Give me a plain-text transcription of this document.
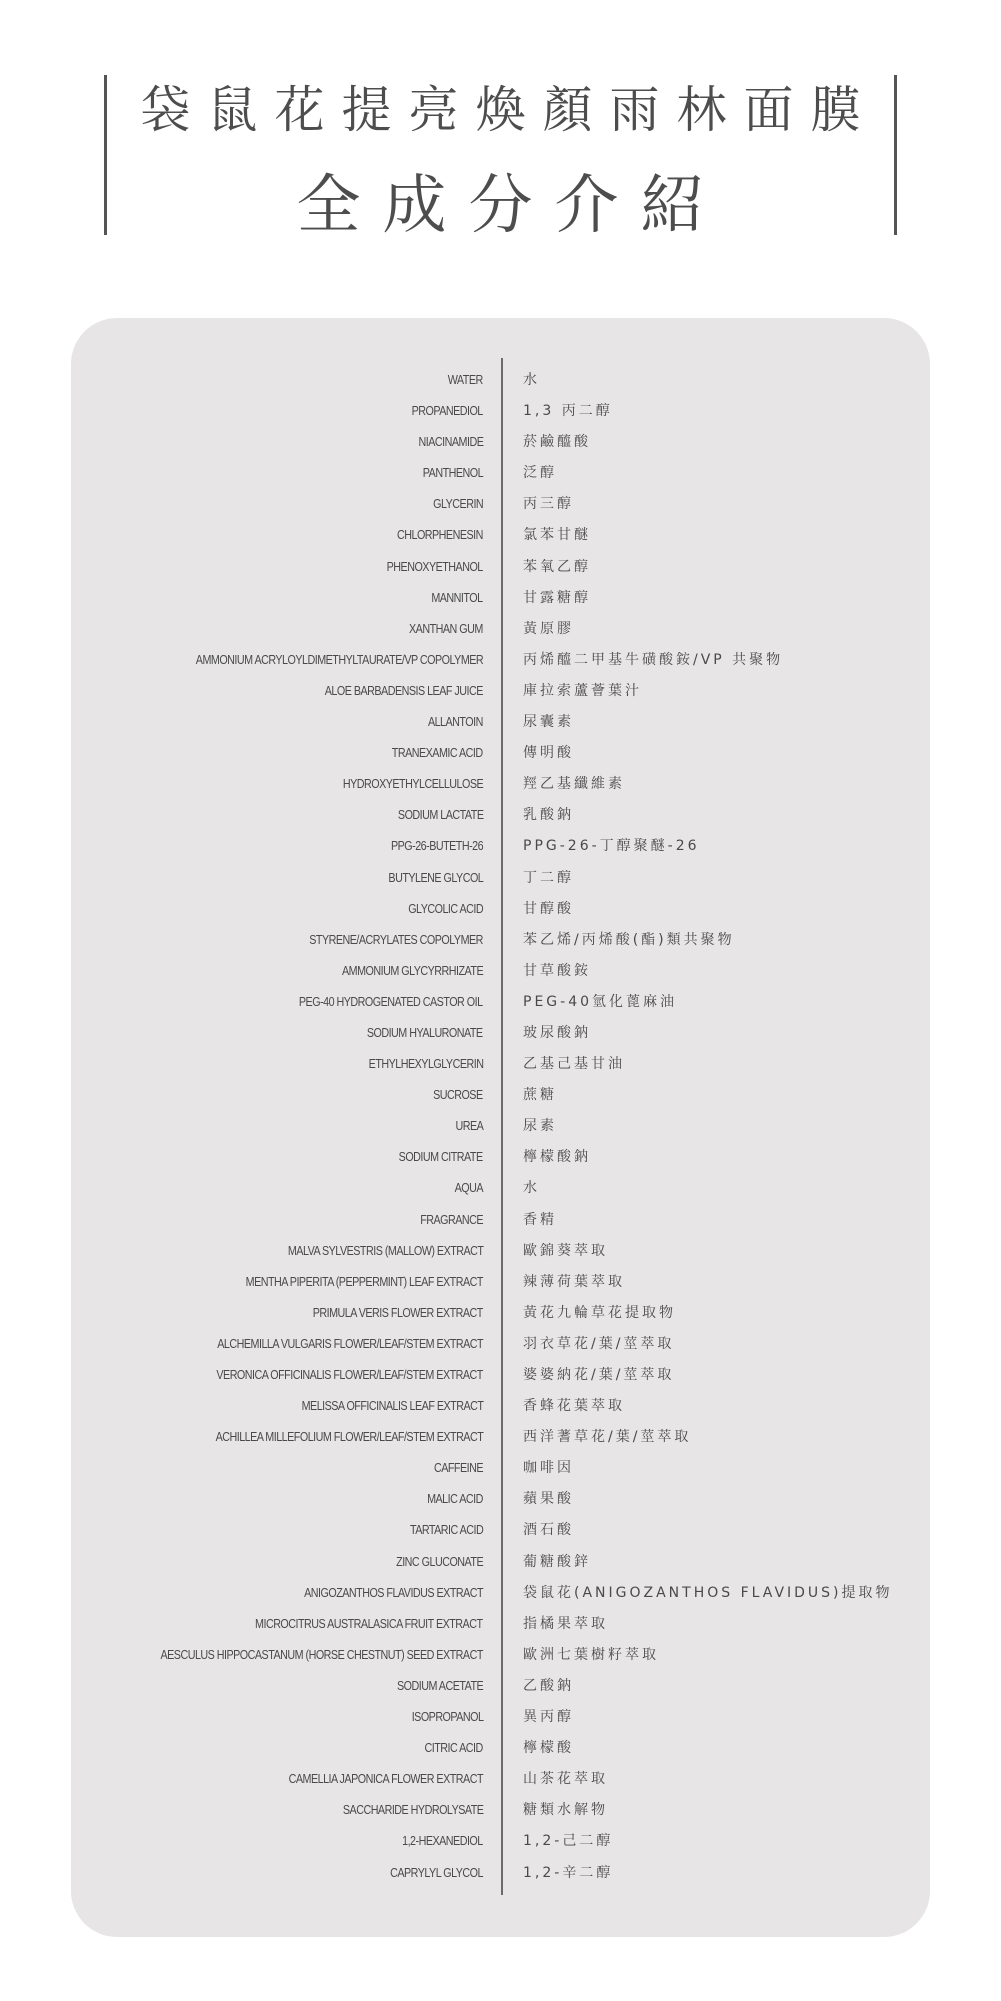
袋鼠花提亮煥顏雨林面膜
全成分介紹
WATER	水
PROPANEDIOL	1,3 丙二醇
NIACINAMIDE	菸鹼醯酸
PANTHENOL	泛醇
GLYCERIN	丙三醇
CHLORPHENESIN	氯苯甘醚
PHENOXYETHANOL	苯氧乙醇
MANNITOL	甘露糖醇
XANTHAN GUM	黃原膠
AMMONIUM ACRYLOYLDIMETHYLTAURATE/VP COPOLYMER	丙烯醯二甲基牛磺酸銨/VP 共聚物
ALOE BARBADENSIS LEAF JUICE	庫拉索蘆薈葉汁
ALLANTOIN	尿囊素
TRANEXAMIC ACID	傳明酸
HYDROXYETHYLCELLULOSE	羥乙基纖維素
SODIUM LACTATE	乳酸鈉
PPG-26-BUTETH-26	PPG-26-丁醇聚醚-26
BUTYLENE GLYCOL	丁二醇
GLYCOLIC ACID	甘醇酸
STYRENE/ACRYLATES COPOLYMER	苯乙烯/丙烯酸(酯)類共聚物
AMMONIUM GLYCYRRHIZATE	甘草酸銨
PEG-40 HYDROGENATED CASTOR OIL	PEG-40氫化蓖麻油
SODIUM HYALURONATE	玻尿酸鈉
ETHYLHEXYLGLYCERIN	乙基己基甘油
SUCROSE	蔗糖
UREA	尿素
SODIUM CITRATE	檸檬酸鈉
AQUA	水
FRAGRANCE	香精
MALVA SYLVESTRIS (MALLOW) EXTRACT	歐錦葵萃取
MENTHA PIPERITA (PEPPERMINT) LEAF EXTRACT	辣薄荷葉萃取
PRIMULA VERIS FLOWER EXTRACT	黃花九輪草花提取物
ALCHEMILLA VULGARIS FLOWER/LEAF/STEM EXTRACT	羽衣草花/葉/莖萃取
VERONICA OFFICINALIS FLOWER/LEAF/STEM EXTRACT	婆婆納花/葉/莖萃取
MELISSA OFFICINALIS LEAF EXTRACT	香蜂花葉萃取
ACHILLEA MILLEFOLIUM FLOWER/LEAF/STEM EXTRACT	西洋蓍草花/葉/莖萃取
CAFFEINE	咖啡因
MALIC ACID	蘋果酸
TARTARIC ACID	酒石酸
ZINC GLUCONATE	葡糖酸鋅
ANIGOZANTHOS FLAVIDUS EXTRACT	袋鼠花(ANIGOZANTHOS FLAVIDUS)提取物
MICROCITRUS AUSTRALASICA FRUIT EXTRACT	指橘果萃取
AESCULUS HIPPOCASTANUM (HORSE CHESTNUT) SEED EXTRACT	歐洲七葉樹籽萃取
SODIUM ACETATE	乙酸鈉
ISOPROPANOL	異丙醇
CITRIC ACID	檸檬酸
CAMELLIA JAPONICA FLOWER EXTRACT	山茶花萃取
SACCHARIDE HYDROLYSATE	糖類水解物
1,2-HEXANEDIOL	1,2-己二醇
CAPRYLYL GLYCOL	1,2-辛二醇
